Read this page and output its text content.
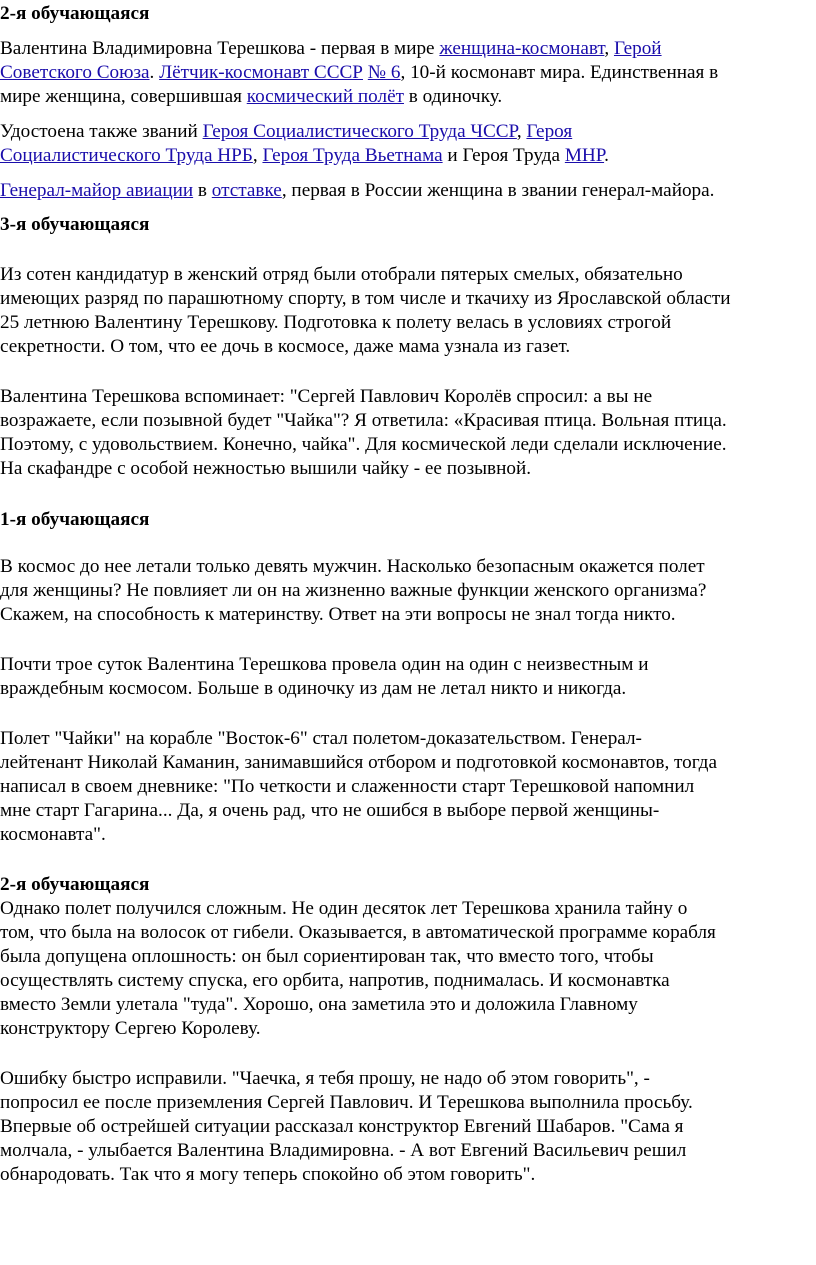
2-я обучающаяся
Валентина Владимировна Терешкова - первая в мире женщина-космонавт, Герой
Советского Союза. Лётчик-космонавт СССР № 6, 10-й космонавт мира. Единственная в
мире женщина, совершившая космический полёт в одиночку.
Удостоена также званий Героя Социалистического Труда ЧССР, Героя
Социалистического Труда НРБ, Героя Труда Вьетнама и Героя Труда МНР.
Генерал-майор авиации в отставке, первая в России женщина в звании генерал-майора.
3-я обучающаяся
Из сотен кандидатур в женский отряд были отобрали пятерых смелых, обязательно
имеющих разряд по парашютному спорту, в том числе и ткачиху из Ярославской области
25 летнюю Валентину Терешкову. Подготовка к полету велась в условиях строгой
секретности. О том, что ее дочь в космосе, даже мама узнала из газет.
Валентина Терешкова вспоминает: "Сергей Павлович Королёв спросил: а вы не
возражаете, если позывной будет "Чайка"? Я ответила: «Красивая птица. Вольная птица.
Поэтому, с удовольствием. Конечно, чайка". Для космической леди сделали исключение.
На скафандре с особой нежностью вышили чайку - ее позывной.
1-я обучающаяся
В космос до нее летали только девять мужчин. Насколько безопасным окажется полет
для женщины? Не повлияет ли он на жизненно важные функции женского организма?
Скажем, на способность к материнству. Ответ на эти вопросы не знал тогда никто.
Почти трое суток Валентина Терешкова провела один на один с неизвестным и
враждебным космосом. Больше в одиночку из дам не летал никто и никогда.
Полет "Чайки" на корабле "Восток-6" стал полетом-доказательством. Генерал-
лейтенант Николай Каманин, занимавшийся отбором и подготовкой космонавтов, тогда
написал в своем дневнике: "По четкости и слаженности старт Терешковой напомнил
мне старт Гагарина... Да, я очень рад, что не ошибся в выборе первой женщины-
космонавта".
2-я обучающаяся
Однако полет получился сложным. Не один десяток лет Терешкова хранила тайну о
том, что была на волосок от гибели. Оказывается, в автоматической программе корабля
была допущена оплошность: он был сориентирован так, что вместо того, чтобы
осуществлять систему спуска, его орбита, напротив, поднималась. И космонавтка
вместо Земли улетала "туда". Хорошо, она заметила это и доложила Главному
конструктору Сергею Королеву.
Ошибку быстро исправили. "Чаечка, я тебя прошу, не надо об этом говорить", -
попросил ее после приземления Сергей Павлович. И Терешкова выполнила просьбу.
Впервые об острейшей ситуации рассказал конструктор Евгений Шабаров. "Сама я
молчала, - улыбается Валентина Владимировна. - А вот Евгений Васильевич решил
обнародовать. Так что я могу теперь спокойно об этом говорить".
